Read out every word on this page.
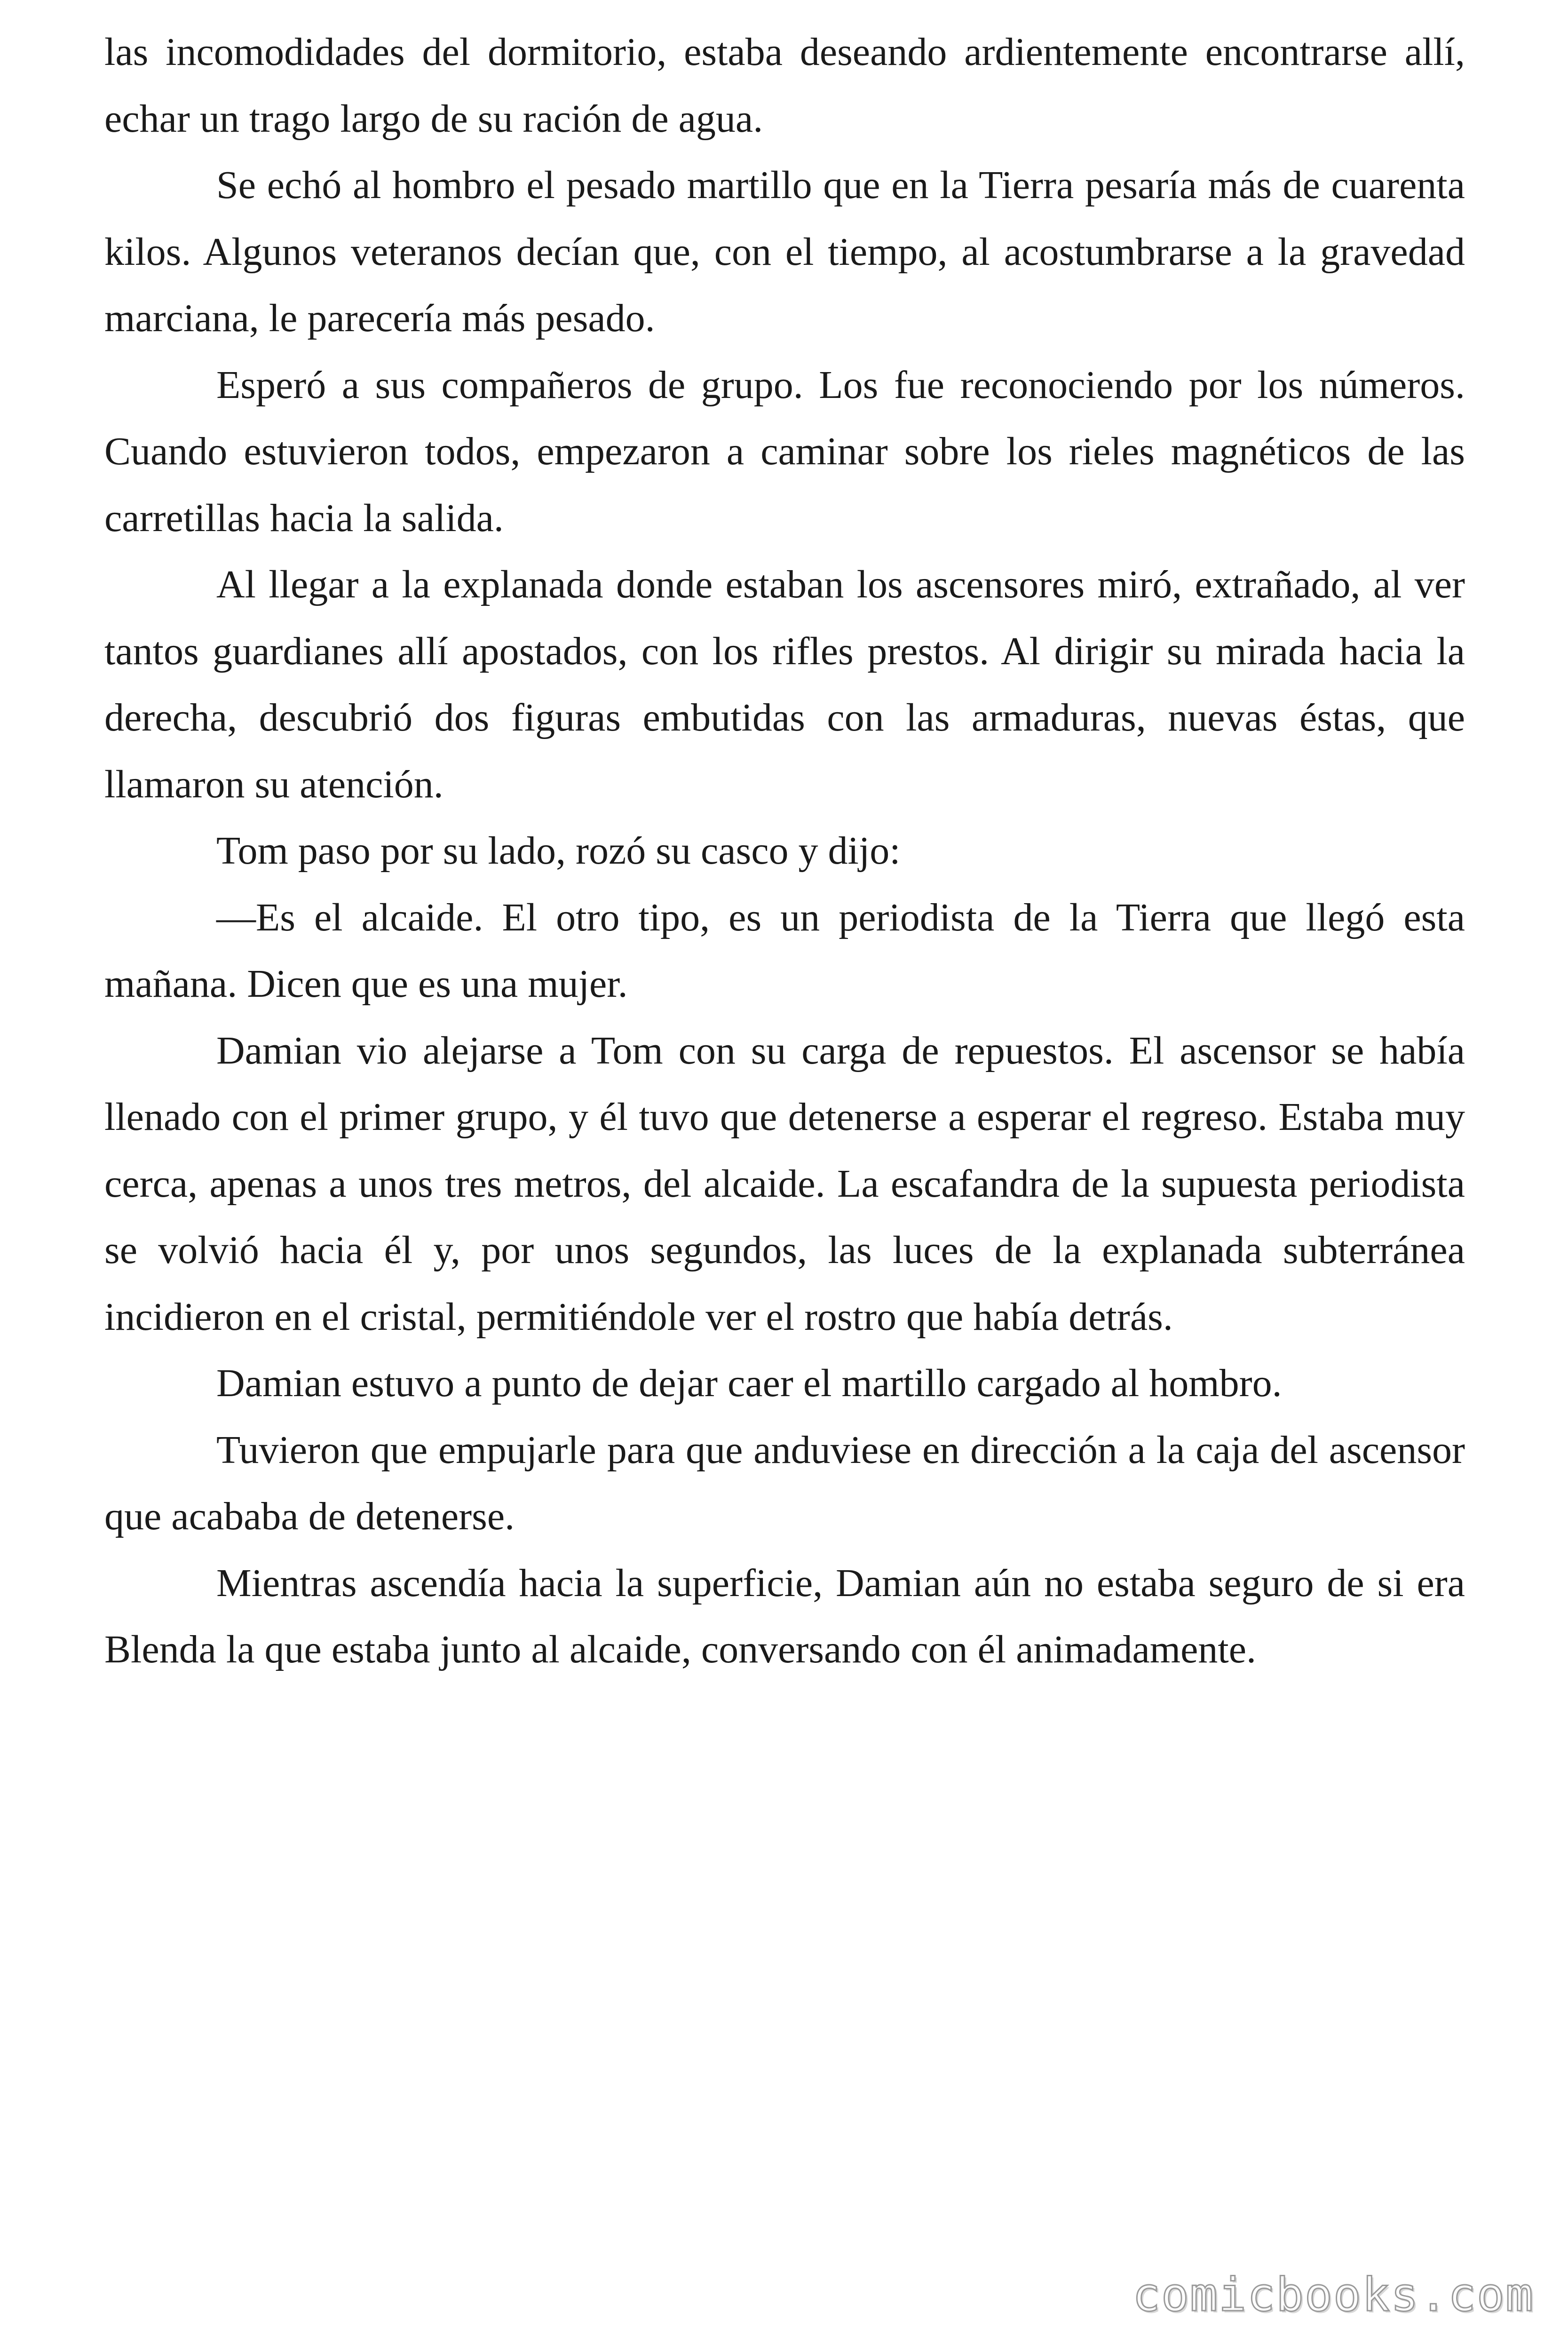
las incomodidades del dormitorio, estaba deseando ardientemente encontrarse allí, echar un trago largo de su ración de agua.

Se echó al hombro el pesado martillo que en la Tierra pesaría más de cuarenta kilos. Algunos veteranos decían que, con el tiempo, al acostumbrarse a la gravedad marciana, le parecería más pesado.

Esperó a sus compañeros de grupo. Los fue reconociendo por los números. Cuando estuvieron todos, empezaron a caminar sobre los rieles magnéticos de las carretillas hacia la salida.

Al llegar a la explanada donde estaban los ascensores miró, extrañado, al ver tantos guardianes allí apostados, con los rifles prestos. Al dirigir su mirada hacia la derecha, descubrió dos figuras embutidas con las armaduras, nuevas éstas, que llamaron su atención.

Tom paso por su lado, rozó su casco y dijo:

—Es el alcaide. El otro tipo, es un periodista de la Tierra que llegó esta mañana. Dicen que es una mujer.

Damian vio alejarse a Tom con su carga de repuestos. El ascensor se había llenado con el primer grupo, y él tuvo que detenerse a esperar el regreso. Estaba muy cerca, apenas a unos tres metros, del alcaide. La escafandra de la supuesta periodista se volvió hacia él y, por unos segundos, las luces de la explanada subterránea incidieron en el cristal, permitiéndole ver el rostro que había detrás.

Damian estuvo a punto de dejar caer el martillo cargado al hombro.

Tuvieron que empujarle para que anduviese en dirección a la caja del ascensor que acababa de detenerse.

Mientras ascendía hacia la superficie, Damian aún no estaba seguro de si era Blenda la que estaba junto al alcaide, conversando con él animadamente.

comicbooks.com
